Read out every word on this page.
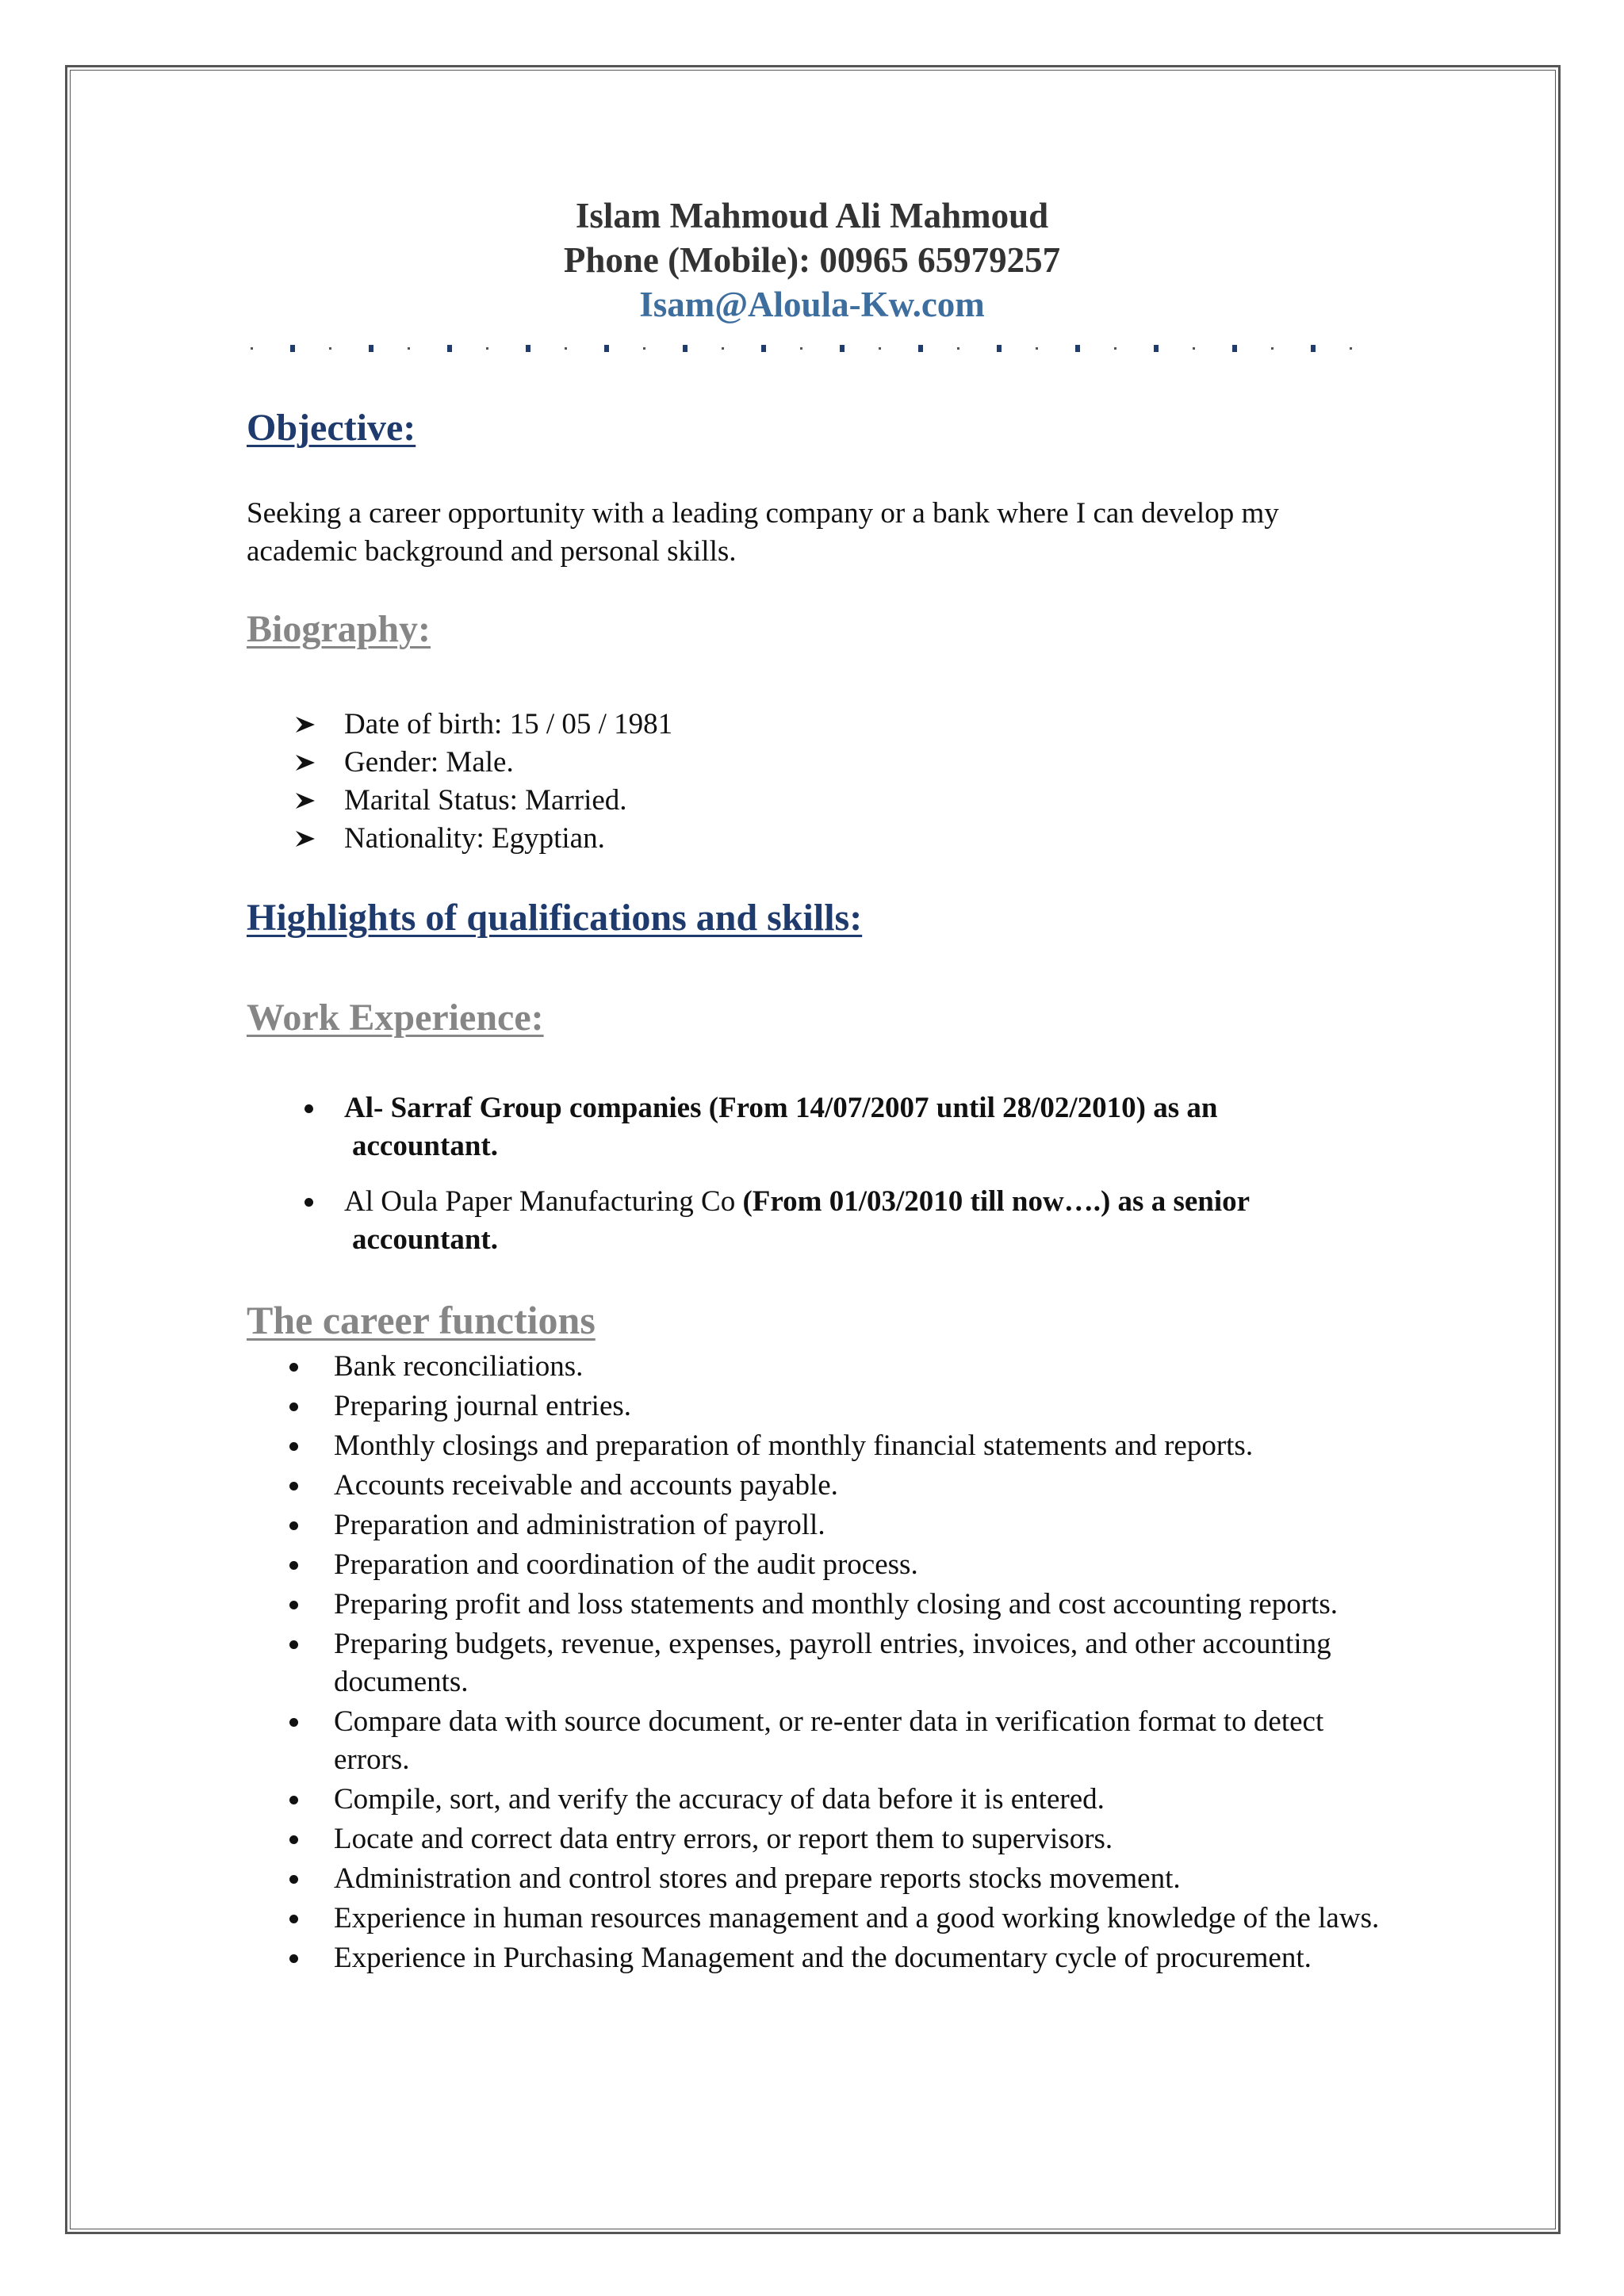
Islam Mahmoud Ali Mahmoud
Phone (Mobile): 00965 65979257
Isam@Aloula-Kw.com
Objective:

Seeking a career opportunity with a leading company or a bank where I can develop my academic background and personal skills.

Biography:
Date of birth: 15 / 05 / 1981
Gender: Male.
Marital Status: Married.
Nationality: Egyptian.
Highlights of qualifications and skills:
Work Experience:
Al- Sarraf Group companies (From 14/07/2007 until 28/02/2010) as an
accountant.
Al Oula Paper Manufacturing Co (From 01/03/2010 till now….) as a senior
accountant.
The career functions
Bank reconciliations.
Preparing journal entries.
Monthly closings and preparation of monthly financial statements and reports.
Accounts receivable and accounts payable.
Preparation and administration of payroll.
Preparation and coordination of the audit process.
Preparing profit and loss statements and monthly closing and cost accounting reports.
Preparing budgets, revenue, expenses, payroll entries, invoices, and other accounting documents.
Compare data with source document, or re-enter data in verification format to detect errors.
Compile, sort, and verify the accuracy of data before it is entered.
Locate and correct data entry errors, or report them to supervisors.
Administration and control stores and prepare reports stocks movement.
Experience in human resources management and a good working knowledge of the laws.
Experience in Purchasing Management and the documentary cycle of procurement.
